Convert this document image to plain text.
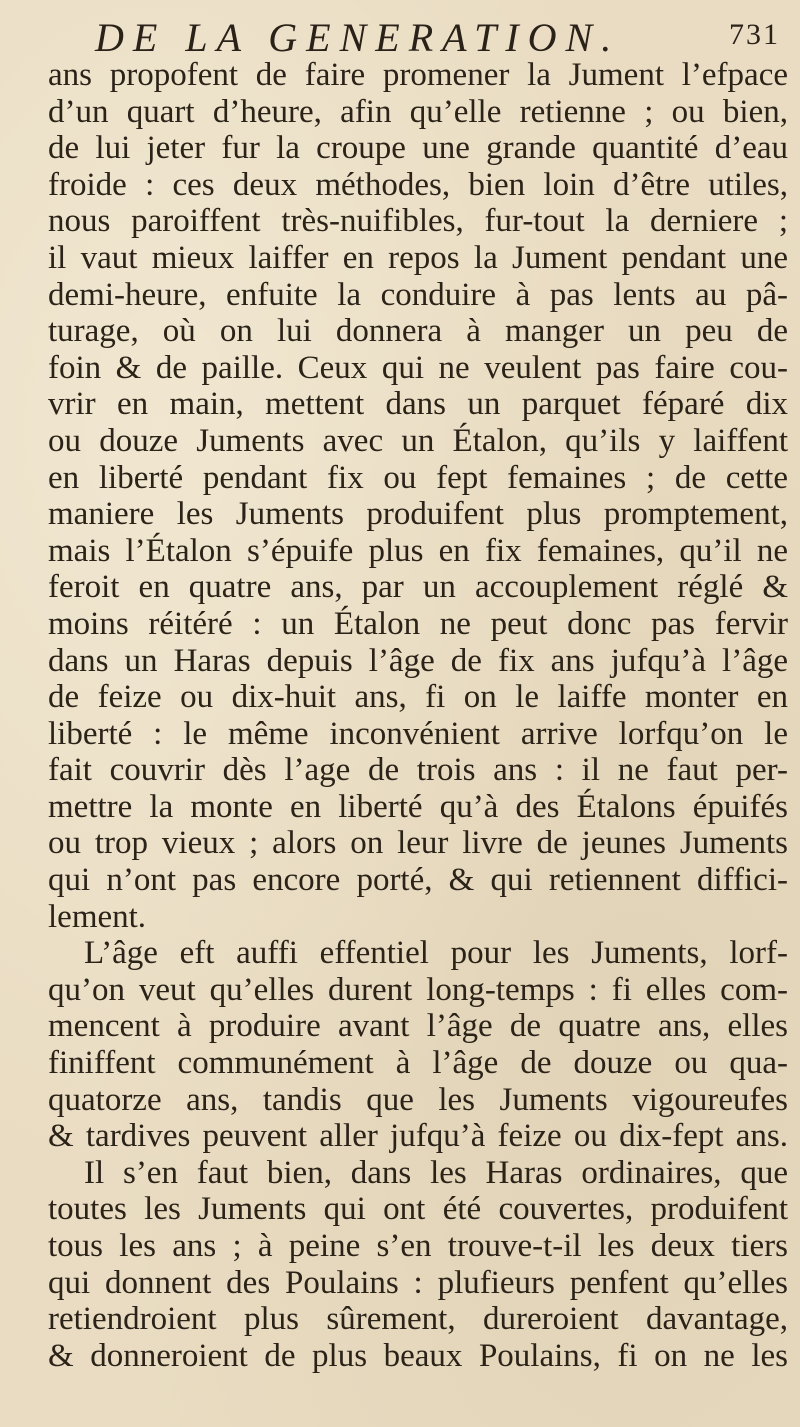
DE LA GENERATION.	731
ans propofent de faire promener la Jument l’efpace
d’un quart d’heure, afin qu’elle retienne ; ou bien,
de lui jeter fur la croupe une grande quantité d’eau
froide : ces deux méthodes, bien loin d’être utiles,
nous paroiffent très-nuifibles, fur-tout la derniere ;
il vaut mieux laiffer en repos la Jument pendant une
demi-heure, enfuite la conduire à pas lents au pâ-
turage, où on lui donnera à manger un peu de
foin & de paille. Ceux qui ne veulent pas faire cou-
vrir en main, mettent dans un parquet féparé dix
ou douze Juments avec un Étalon, qu’ils y laiffent
en liberté pendant fix ou fept femaines ; de cette
maniere les Juments produifent plus promptement,
mais l’Étalon s’épuife plus en fix femaines, qu’il ne
feroit en quatre ans, par un accouplement réglé &
moins réitéré : un Étalon ne peut donc pas fervir
dans un Haras depuis l’âge de fix ans jufqu’à l’âge
de feize ou dix-huit ans, fi on le laiffe monter en
liberté : le même inconvénient arrive lorfqu’on le
fait couvrir dès l’age de trois ans : il ne faut per-
mettre la monte en liberté qu’à des Étalons épuifés
ou trop vieux ; alors on leur livre de jeunes Juments
qui n’ont pas encore porté, & qui retiennent diffici-
lement.
L’âge eft auffi effentiel pour les Juments, lorf-
qu’on veut qu’elles durent long-temps : fi elles com-
mencent à produire avant l’âge de quatre ans, elles
finiffent communément à l’âge de douze ou qua-
quatorze ans, tandis que les Juments vigoureufes
& tardives peuvent aller jufqu’à feize ou dix-fept ans.
Il s’en faut bien, dans les Haras ordinaires, que
toutes les Juments qui ont été couvertes, produifent
tous les ans ; à peine s’en trouve-t-il les deux tiers
qui donnent des Poulains : plufieurs penfent qu’elles
retiendroient plus sûrement, dureroient davantage,
& donneroient de plus beaux Poulains, fi on ne les
